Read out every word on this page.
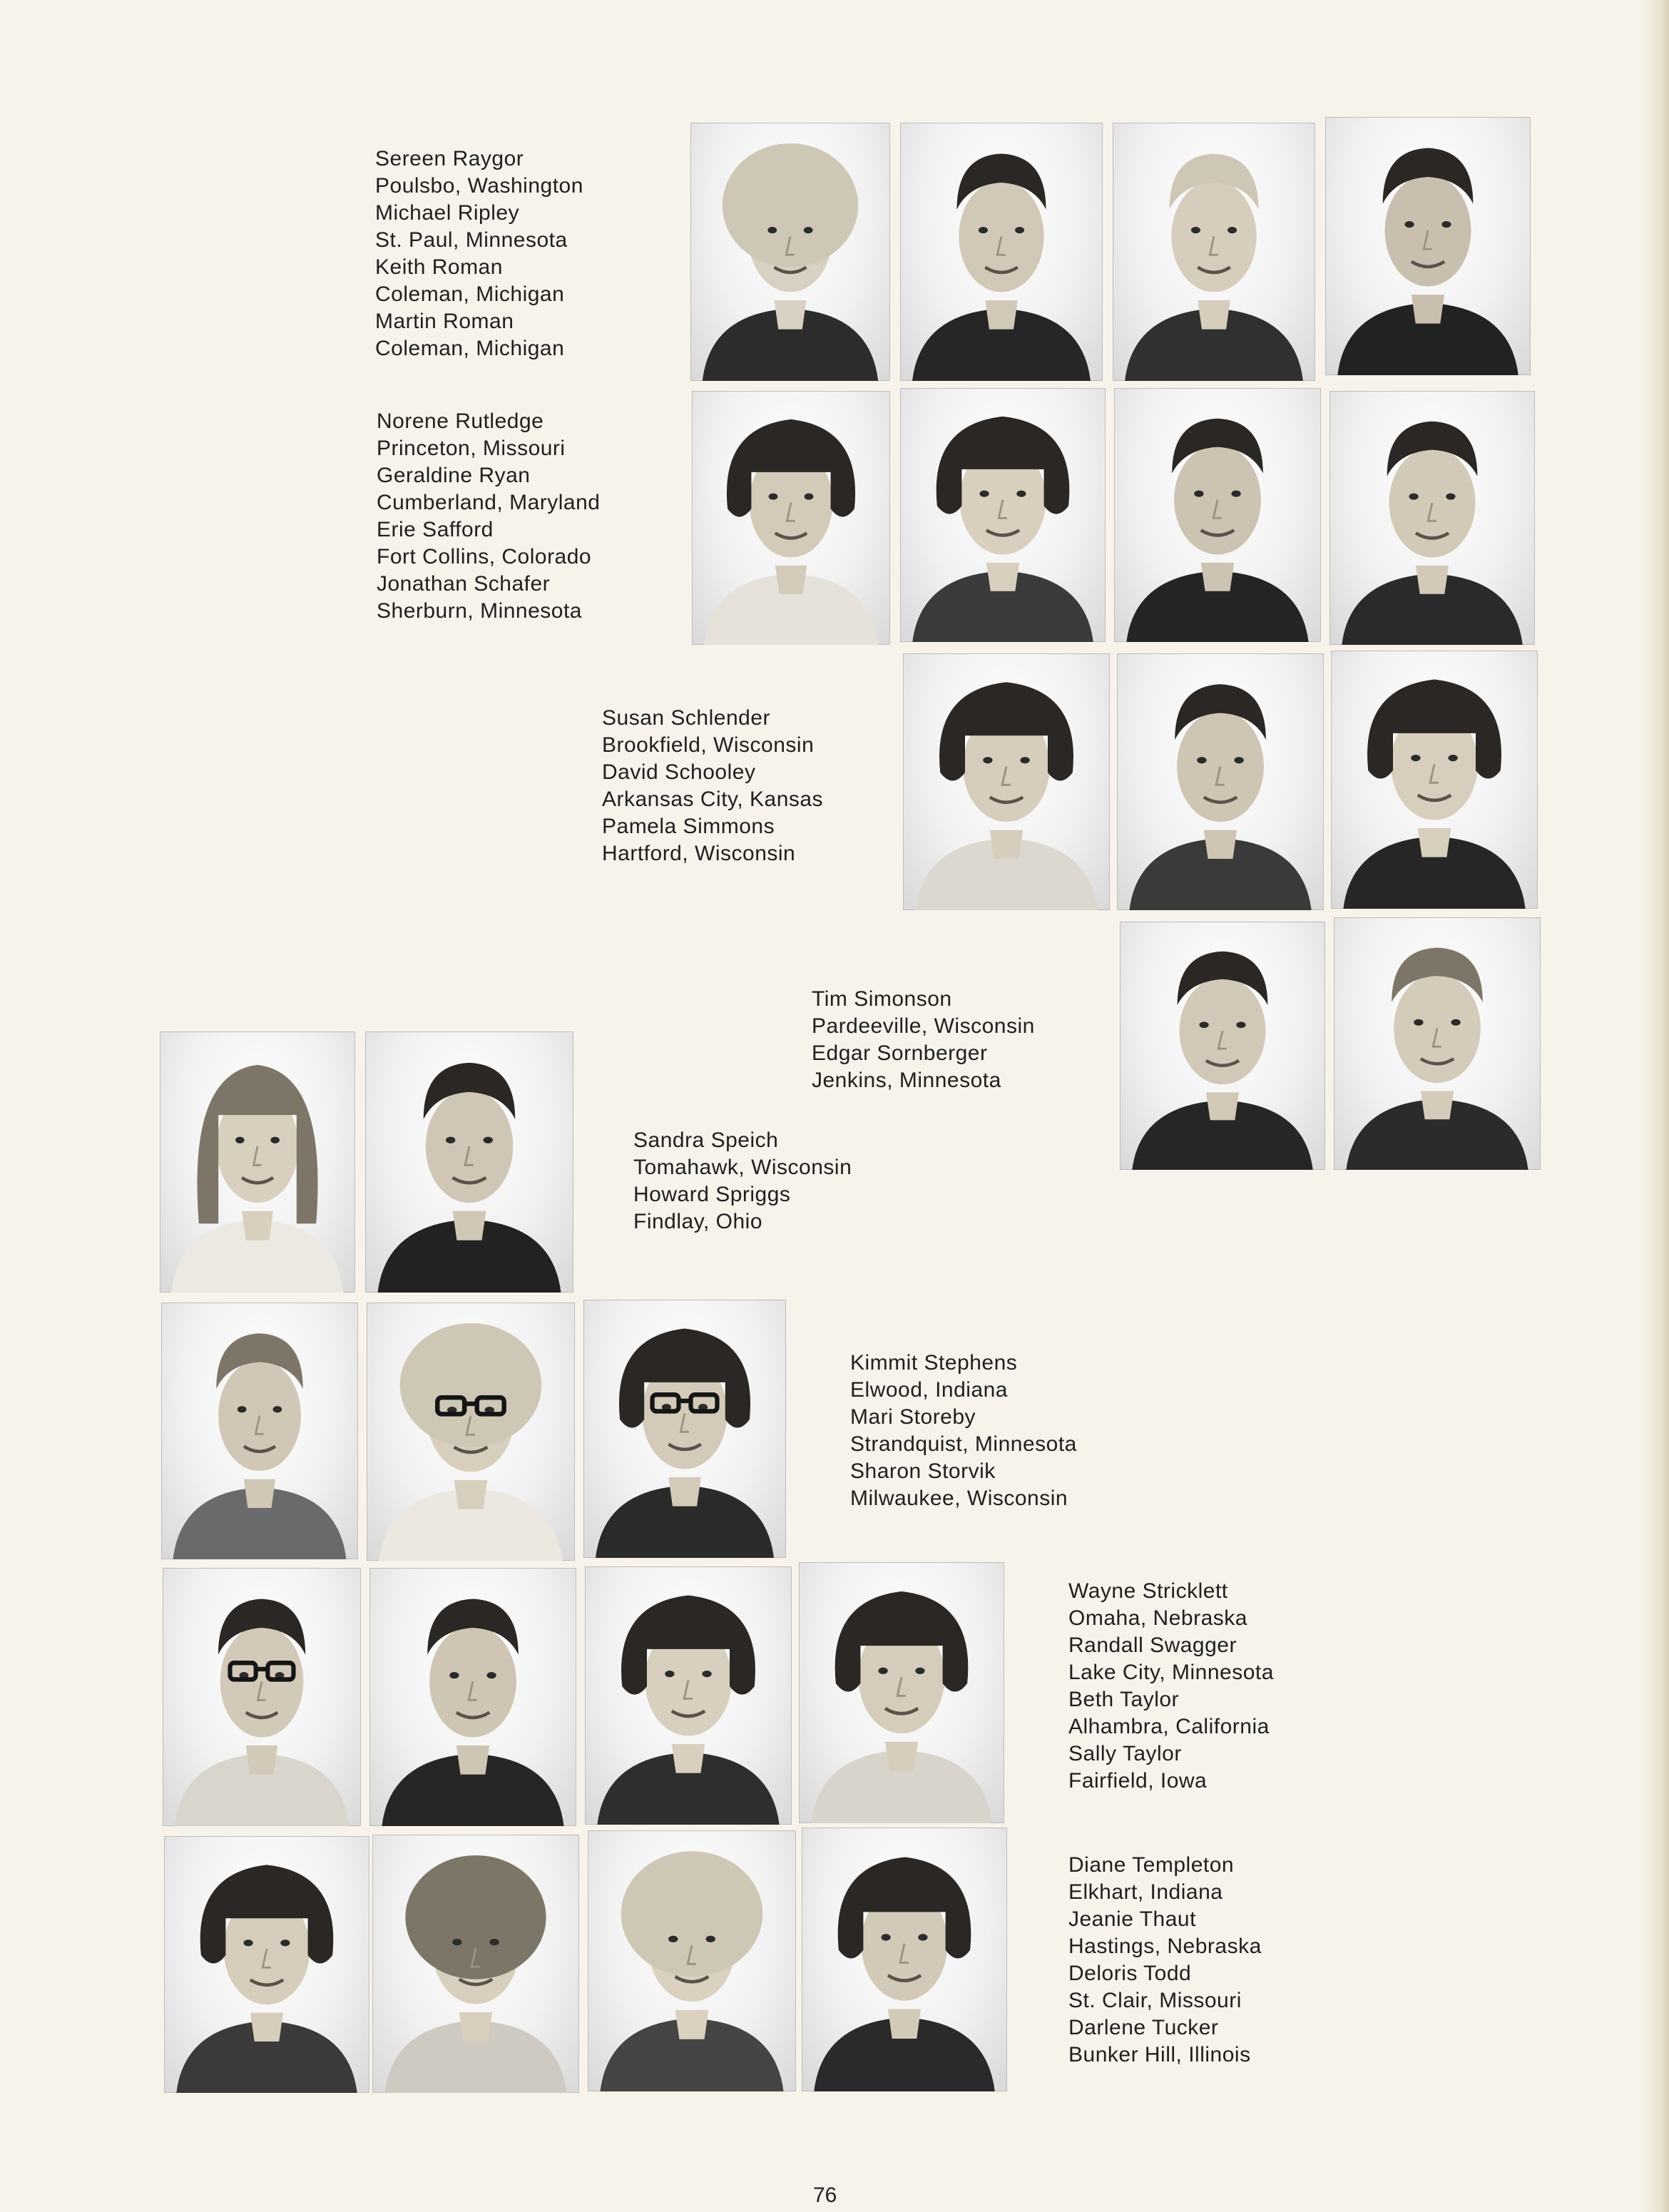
Sereen Raygor
Poulsbo, Washington
Michael Ripley
St. Paul, Minnesota
Keith Roman
Coleman, Michigan
Martin Roman
Coleman, Michigan
Norene Rutledge
Princeton, Missouri
Geraldine Ryan
Cumberland, Maryland
Erie Safford
Fort Collins, Colorado
Jonathan Schafer
Sherburn, Minnesota
Susan Schlender
Brookfield, Wisconsin
David Schooley
Arkansas City, Kansas
Pamela Simmons
Hartford, Wisconsin
Tim Simonson
Pardeeville, Wisconsin
Edgar Sornberger
Jenkins, Minnesota
Sandra Speich
Tomahawk, Wisconsin
Howard Spriggs
Findlay, Ohio
Kimmit Stephens
Elwood, Indiana
Mari Storeby
Strandquist, Minnesota
Sharon Storvik
Milwaukee, Wisconsin
Wayne Stricklett
Omaha, Nebraska
Randall Swagger
Lake City, Minnesota
Beth Taylor
Alhambra, California
Sally Taylor
Fairfield, Iowa
Diane Templeton
Elkhart, Indiana
Jeanie Thaut
Hastings, Nebraska
Deloris Todd
St. Clair, Missouri
Darlene Tucker
Bunker Hill, Illinois
76
